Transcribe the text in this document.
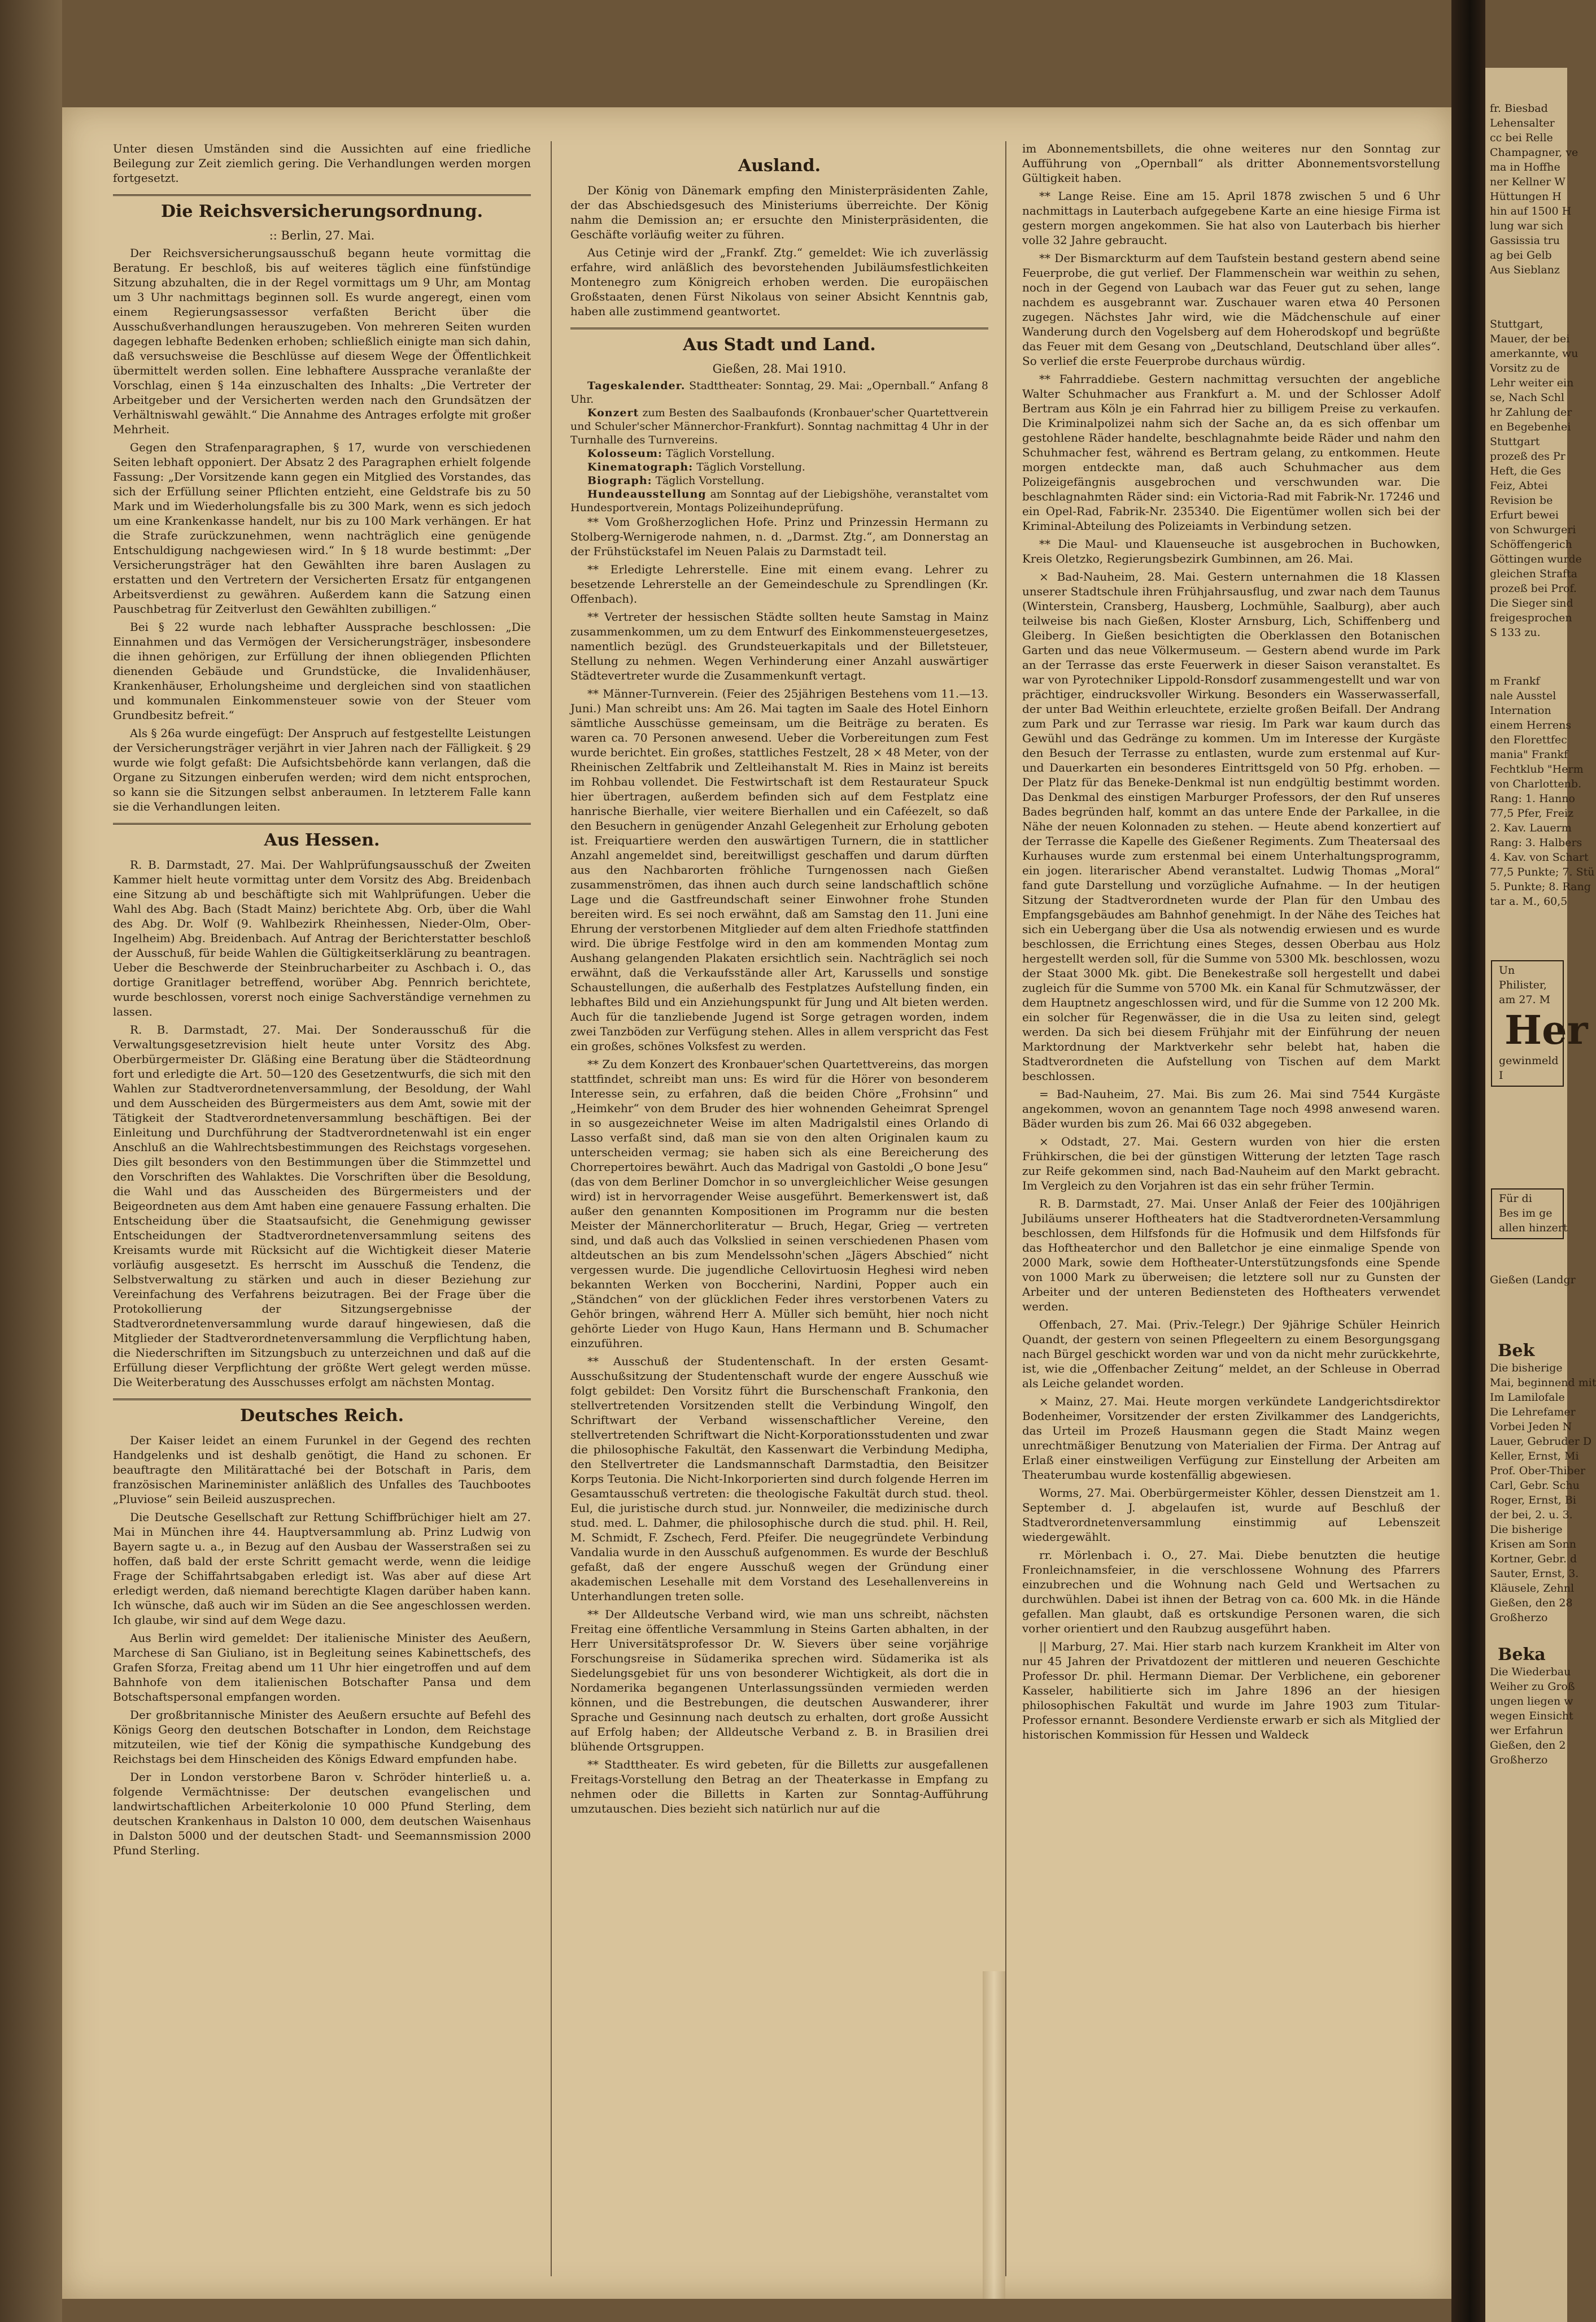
Unter diesen Umständen sind die Aussichten auf eine friedliche Beilegung zur Zeit ziemlich gering. Die Verhandlungen werden morgen fortgesetzt.

Die Reichsversicherungsordnung.
:: Berlin, 27. Mai.

Der Reichsversicherungsausschuß begann heute vormittag die Beratung. Er beschloß, bis auf weiteres täglich eine fünfstündige Sitzung abzuhalten, die in der Regel vormittags um 9 Uhr, am Montag um 3 Uhr nachmittags beginnen soll. Es wurde angeregt, einen vom einem Regierungsassessor verfaßten Bericht über die Ausschußverhandlungen herauszugeben. Von mehreren Seiten wurden dagegen lebhafte Bedenken erhoben; schließlich einigte man sich dahin, daß versuchsweise die Beschlüsse auf diesem Wege der Öffentlichkeit übermittelt werden sollen. Eine lebhaftere Aussprache veranlaßte der Vorschlag, einen § 14a einzuschalten des Inhalts: „Die Vertreter der Arbeitgeber und der Versicherten werden nach den Grundsätzen der Verhältniswahl gewählt.“ Die Annahme des Antrages erfolgte mit großer Mehrheit.

Gegen den Strafenparagraphen, § 17, wurde von verschiedenen Seiten lebhaft opponiert. Der Absatz 2 des Paragraphen erhielt folgende Fassung: „Der Vorsitzende kann gegen ein Mitglied des Vorstandes, das sich der Erfüllung seiner Pflichten entzieht, eine Geldstrafe bis zu 50 Mark und im Wiederholungsfalle bis zu 300 Mark, wenn es sich jedoch um eine Krankenkasse handelt, nur bis zu 100 Mark verhängen. Er hat die Strafe zurückzunehmen, wenn nachträglich eine genügende Entschuldigung nachgewiesen wird.“ In § 18 wurde bestimmt: „Der Versicherungsträger hat den Gewählten ihre baren Auslagen zu erstatten und den Vertretern der Versicherten Ersatz für entgangenen Arbeitsverdienst zu gewähren. Außerdem kann die Satzung einen Pauschbetrag für Zeitverlust den Gewählten zubilligen.“

Bei § 22 wurde nach lebhafter Aussprache beschlossen: „Die Einnahmen und das Vermögen der Versicherungsträger, insbesondere die ihnen gehörigen, zur Erfüllung der ihnen obliegenden Pflichten dienenden Gebäude und Grundstücke, die Invalidenhäuser, Krankenhäuser, Erholungsheime und dergleichen sind von staatlichen und kommunalen Einkommensteuer sowie von der Steuer vom Grundbesitz befreit.“

Als § 26a wurde eingefügt: Der Anspruch auf festgestellte Leistungen der Versicherungsträger verjährt in vier Jahren nach der Fälligkeit. § 29 wurde wie folgt gefaßt: Die Aufsichtsbehörde kann verlangen, daß die Organe zu Sitzungen einberufen werden; wird dem nicht entsprochen, so kann sie die Sitzungen selbst anberaumen. In letzterem Falle kann sie die Verhandlungen leiten.

Aus Hessen.

R. B. Darmstadt, 27. Mai. Der Wahlprüfungsausschuß der Zweiten Kammer hielt heute vormittag unter dem Vorsitz des Abg. Breidenbach eine Sitzung ab und beschäftigte sich mit Wahlprüfungen. Ueber die Wahl des Abg. Bach (Stadt Mainz) berichtete Abg. Orb, über die Wahl des Abg. Dr. Wolf (9. Wahlbezirk Rheinhessen, Nieder-Olm, Ober-Ingelheim) Abg. Breidenbach. Auf Antrag der Berichterstatter beschloß der Ausschuß, für beide Wahlen die Gültigkeitserklärung zu beantragen. Ueber die Beschwerde der Steinbrucharbeiter zu Aschbach i. O., das dortige Granitlager betreffend, worüber Abg. Pennrich berichtete, wurde beschlossen, vorerst noch einige Sachverständige vernehmen zu lassen.

R. B. Darmstadt, 27. Mai. Der Sonderausschuß für die Verwaltungsgesetzrevision hielt heute unter Vorsitz des Abg. Oberbürgermeister Dr. Gläßing eine Beratung über die Städteordnung fort und erledigte die Art. 50—120 des Gesetzentwurfs, die sich mit den Wahlen zur Stadtverordnetenversammlung, der Besoldung, der Wahl und dem Ausscheiden des Bürgermeisters aus dem Amt, sowie mit der Tätigkeit der Stadtverordnetenversammlung beschäftigen. Bei der Einleitung und Durchführung der Stadtverordnetenwahl ist ein enger Anschluß an die Wahlrechtsbestimmungen des Reichstags vorgesehen. Dies gilt besonders von den Bestimmungen über die Stimmzettel und den Vorschriften des Wahlaktes. Die Vorschriften über die Besoldung, die Wahl und das Ausscheiden des Bürgermeisters und der Beigeordneten aus dem Amt haben eine genauere Fassung erhalten. Die Entscheidung über die Staatsaufsicht, die Genehmigung gewisser Entscheidungen der Stadtverordnetenversammlung seitens des Kreisamts wurde mit Rücksicht auf die Wichtigkeit dieser Materie vorläufig ausgesetzt. Es herrscht im Ausschuß die Tendenz, die Selbstverwaltung zu stärken und auch in dieser Beziehung zur Vereinfachung des Verfahrens beizutragen. Bei der Frage über die Protokollierung der Sitzungsergebnisse der Stadtverordnetenversammlung wurde darauf hingewiesen, daß die Mitglieder der Stadtverordnetenversammlung die Verpflichtung haben, die Niederschriften im Sitzungsbuch zu unterzeichnen und daß auf die Erfüllung dieser Verpflichtung der größte Wert gelegt werden müsse. Die Weiterberatung des Ausschusses erfolgt am nächsten Montag.

Deutsches Reich.

Der Kaiser leidet an einem Furunkel in der Gegend des rechten Handgelenks und ist deshalb genötigt, die Hand zu schonen. Er beauftragte den Militärattaché bei der Botschaft in Paris, dem französischen Marineminister anläßlich des Unfalles des Tauchbootes „Pluviose“ sein Beileid auszusprechen.

Die Deutsche Gesellschaft zur Rettung Schiffbrüchiger hielt am 27. Mai in München ihre 44. Hauptversammlung ab. Prinz Ludwig von Bayern sagte u. a., in Bezug auf den Ausbau der Wasserstraßen sei zu hoffen, daß bald der erste Schritt gemacht werde, wenn die leidige Frage der Schiffahrtsabgaben erledigt ist. Was aber auf diese Art erledigt werden, daß niemand berechtigte Klagen darüber haben kann. Ich wünsche, daß auch wir im Süden an die See angeschlossen werden. Ich glaube, wir sind auf dem Wege dazu.

Aus Berlin wird gemeldet: Der italienische Minister des Aeußern, Marchese di San Giuliano, ist in Begleitung seines Kabinettschefs, des Grafen Sforza, Freitag abend um 11 Uhr hier eingetroffen und auf dem Bahnhofe von dem italienischen Botschafter Pansa und dem Botschaftspersonal empfangen worden.

Der großbritannische Minister des Aeußern ersuchte auf Befehl des Königs Georg den deutschen Botschafter in London, dem Reichstage mitzuteilen, wie tief der König die sympathische Kundgebung des Reichstags bei dem Hinscheiden des Königs Edward empfunden habe.

Der in London verstorbene Baron v. Schröder hinterließ u. a. folgende Vermächtnisse: Der deutschen evangelischen und landwirtschaftlichen Arbeiterkolonie 10 000 Pfund Sterling, dem deutschen Krankenhaus in Dalston 10 000, dem deutschen Waisenhaus in Dalston 5000 und der deutschen Stadt- und Seemannsmission 2000 Pfund Sterling.

Ausland.

Der König von Dänemark empfing den Ministerpräsidenten Zahle, der das Abschiedsgesuch des Ministeriums überreichte. Der König nahm die Demission an; er ersuchte den Ministerpräsidenten, die Geschäfte vorläufig weiter zu führen.

Aus Cetinje wird der „Frankf. Ztg.“ gemeldet: Wie ich zuverlässig erfahre, wird anläßlich des bevorstehenden Jubiläumsfestlichkeiten Montenegro zum Königreich erhoben werden. Die europäischen Großstaaten, denen Fürst Nikolaus von seiner Absicht Kenntnis gab, haben alle zustimmend geantwortet.

Aus Stadt und Land.
Gießen, 28. Mai 1910.

Tageskalender. Stadttheater: Sonntag, 29. Mai: „Opernball.“ Anfang 8 Uhr.

Konzert zum Besten des Saalbaufonds (Kronbauer'scher Quartettverein und Schuler'scher Männerchor-Frankfurt). Sonntag nachmittag 4 Uhr in der Turnhalle des Turnvereins.

Kolosseum: Täglich Vorstellung.

Kinematograph: Täglich Vorstellung.

Biograph: Täglich Vorstellung.

Hundeausstellung am Sonntag auf der Liebigshöhe, veranstaltet vom Hundesportverein, Montags Polizeihundeprüfung.

** Vom Großherzoglichen Hofe. Prinz und Prinzessin Hermann zu Stolberg-Wernigerode nahmen, n. d. „Darmst. Ztg.“, am Donnerstag an der Frühstückstafel im Neuen Palais zu Darmstadt teil.

** Erledigte Lehrerstelle. Eine mit einem evang. Lehrer zu besetzende Lehrerstelle an der Gemeindeschule zu Sprendlingen (Kr. Offenbach).

** Vertreter der hessischen Städte sollten heute Samstag in Mainz zusammenkommen, um zu dem Entwurf des Einkommensteuergesetzes, namentlich bezügl. des Grundsteuerkapitals und der Billetsteuer, Stellung zu nehmen. Wegen Verhinderung einer Anzahl auswärtiger Städtevertreter wurde die Zusammenkunft vertagt.

** Männer-Turnverein. (Feier des 25jährigen Bestehens vom 11.—13. Juni.) Man schreibt uns: Am 26. Mai tagten im Saale des Hotel Einhorn sämtliche Ausschüsse gemeinsam, um die Beiträge zu beraten. Es waren ca. 70 Personen anwesend. Ueber die Vorbereitungen zum Fest wurde berichtet. Ein großes, stattliches Festzelt, 28 × 48 Meter, von der Rheinischen Zeltfabrik und Zeltleihanstalt M. Ries in Mainz ist bereits im Rohbau vollendet. Die Festwirtschaft ist dem Restaurateur Spuck hier übertragen, außerdem befinden sich auf dem Festplatz eine hanrische Bierhalle, vier weitere Bierhallen und ein Caféezelt, so daß den Besuchern in genügender Anzahl Gelegenheit zur Erholung geboten ist. Freiquartiere werden den auswärtigen Turnern, die in stattlicher Anzahl angemeldet sind, bereitwilligst geschaffen und darum dürften aus den Nachbarorten fröhliche Turngenossen nach Gießen zusammenströmen, das ihnen auch durch seine landschaftlich schöne Lage und die Gastfreundschaft seiner Einwohner frohe Stunden bereiten wird. Es sei noch erwähnt, daß am Samstag den 11. Juni eine Ehrung der verstorbenen Mitglieder auf dem alten Friedhofe stattfinden wird. Die übrige Festfolge wird in den am kommenden Montag zum Aushang gelangenden Plakaten ersichtlich sein. Nachträglich sei noch erwähnt, daß die Verkaufsstände aller Art, Karussells und sonstige Schaustellungen, die außerhalb des Festplatzes Aufstellung finden, ein lebhaftes Bild und ein Anziehungspunkt für Jung und Alt bieten werden. Auch für die tanzliebende Jugend ist Sorge getragen worden, indem zwei Tanzböden zur Verfügung stehen. Alles in allem verspricht das Fest ein großes, schönes Volksfest zu werden.

** Zu dem Konzert des Kronbauer'schen Quartettvereins, das morgen stattfindet, schreibt man uns: Es wird für die Hörer von besonderem Interesse sein, zu erfahren, daß die beiden Chöre „Frohsinn“ und „Heimkehr“ von dem Bruder des hier wohnenden Geheimrat Sprengel in so ausgezeichneter Weise im alten Madrigalstil eines Orlando di Lasso verfaßt sind, daß man sie von den alten Originalen kaum zu unterscheiden vermag; sie haben sich als eine Bereicherung des Chorrepertoires bewährt. Auch das Madrigal von Gastoldi „O bone Jesu“ (das von dem Berliner Domchor in so unvergleichlicher Weise gesungen wird) ist in hervorragender Weise ausgeführt. Bemerkenswert ist, daß außer den genannten Kompositionen im Programm nur die besten Meister der Männerchorliteratur — Bruch, Hegar, Grieg — vertreten sind, und daß auch das Volkslied in seinen verschiedenen Phasen vom altdeutschen an bis zum Mendelssohn'schen „Jägers Abschied“ nicht vergessen wurde. Die jugendliche Cellovirtuosin Heghesi wird neben bekannten Werken von Boccherini, Nardini, Popper auch ein „Ständchen“ von der glücklichen Feder ihres verstorbenen Vaters zu Gehör bringen, während Herr A. Müller sich bemüht, hier noch nicht gehörte Lieder von Hugo Kaun, Hans Hermann und B. Schumacher einzuführen.

** Ausschuß der Studentenschaft. In der ersten Gesamt-Ausschußsitzung der Studentenschaft wurde der engere Ausschuß wie folgt gebildet: Den Vorsitz führt die Burschenschaft Frankonia, den stellvertretenden Vorsitzenden stellt die Verbindung Wingolf, den Schriftwart der Verband wissenschaftlicher Vereine, den stellvertretenden Schriftwart die Nicht-Korporationsstudenten und zwar die philosophische Fakultät, den Kassenwart die Verbindung Medipha, den Stellvertreter die Landsmannschaft Darmstadtia, den Beisitzer Korps Teutonia. Die Nicht-Inkorporierten sind durch folgende Herren im Gesamtausschuß vertreten: die theologische Fakultät durch stud. theol. Eul, die juristische durch stud. jur. Nonnweiler, die medizinische durch stud. med. L. Dahmer, die philosophische durch die stud. phil. H. Reil, M. Schmidt, F. Zschech, Ferd. Pfeifer. Die neugegründete Verbindung Vandalia wurde in den Ausschuß aufgenommen. Es wurde der Beschluß gefaßt, daß der engere Ausschuß wegen der Gründung einer akademischen Lesehalle mit dem Vorstand des Lesehallenvereins in Unterhandlungen treten solle.

** Der Alldeutsche Verband wird, wie man uns schreibt, nächsten Freitag eine öffentliche Versammlung in Steins Garten abhalten, in der Herr Universitätsprofessor Dr. W. Sievers über seine vorjährige Forschungsreise in Südamerika sprechen wird. Südamerika ist als Siedelungsgebiet für uns von besonderer Wichtigkeit, als dort die in Nordamerika begangenen Unterlassungssünden vermieden werden können, und die Bestrebungen, die deutschen Auswanderer, ihrer Sprache und Gesinnung nach deutsch zu erhalten, dort große Aussicht auf Erfolg haben; der Alldeutsche Verband z. B. in Brasilien drei blühende Ortsgruppen.

** Stadttheater. Es wird gebeten, für die Billetts zur ausgefallenen Freitags-Vorstellung den Betrag an der Theaterkasse in Empfang zu nehmen oder die Billetts in Karten zur Sonntag-Aufführung umzutauschen. Dies bezieht sich natürlich nur auf die

im Abonnementsbillets, die ohne weiteres nur den Sonntag zur Aufführung von „Opernball“ als dritter Abonnementsvorstellung Gültigkeit haben.

** Lange Reise. Eine am 15. April 1878 zwischen 5 und 6 Uhr nachmittags in Lauterbach aufgegebene Karte an eine hiesige Firma ist gestern morgen angekommen. Sie hat also von Lauterbach bis hierher volle 32 Jahre gebraucht.

** Der Bismarckturm auf dem Taufstein bestand gestern abend seine Feuerprobe, die gut verlief. Der Flammenschein war weithin zu sehen, noch in der Gegend von Laubach war das Feuer gut zu sehen, lange nachdem es ausgebrannt war. Zuschauer waren etwa 40 Personen zugegen. Nächstes Jahr wird, wie die Mädchenschule auf einer Wanderung durch den Vogelsberg auf dem Hoherodskopf und begrüßte das Feuer mit dem Gesang von „Deutschland, Deutschland über alles“. So verlief die erste Feuerprobe durchaus würdig.

** Fahrraddiebe. Gestern nachmittag versuchten der angebliche Walter Schuhmacher aus Frankfurt a. M. und der Schlosser Adolf Bertram aus Köln je ein Fahrrad hier zu billigem Preise zu verkaufen. Die Kriminalpolizei nahm sich der Sache an, da es sich offenbar um gestohlene Räder handelte, beschlagnahmte beide Räder und nahm den Schuhmacher fest, während es Bertram gelang, zu entkommen. Heute morgen entdeckte man, daß auch Schuhmacher aus dem Polizeigefängnis ausgebrochen und verschwunden war. Die beschlagnahmten Räder sind: ein Victoria-Rad mit Fabrik-Nr. 17246 und ein Opel-Rad, Fabrik-Nr. 235340. Die Eigentümer wollen sich bei der Kriminal-Abteilung des Polizeiamts in Verbindung setzen.

** Die Maul- und Klauenseuche ist ausgebrochen in Buchowken, Kreis Oletzko, Regierungsbezirk Gumbinnen, am 26. Mai.

× Bad-Nauheim, 28. Mai. Gestern unternahmen die 18 Klassen unserer Stadtschule ihren Frühjahrsausflug, und zwar nach dem Taunus (Winterstein, Cransberg, Hausberg, Lochmühle, Saalburg), aber auch teilweise bis nach Gießen, Kloster Arnsburg, Lich, Schiffenberg und Gleiberg. In Gießen besichtigten die Oberklassen den Botanischen Garten und das neue Völkermuseum. — Gestern abend wurde im Park an der Terrasse das erste Feuerwerk in dieser Saison veranstaltet. Es war von Pyrotechniker Lippold-Ronsdorf zusammengestellt und war von prächtiger, eindrucksvoller Wirkung. Besonders ein Wasserwasserfall, der unter Bad Weithin erleuchtete, erzielte großen Beifall. Der Andrang zum Park und zur Terrasse war riesig. Im Park war kaum durch das Gewühl und das Gedränge zu kommen. Um im Interesse der Kurgäste den Besuch der Terrasse zu entlasten, wurde zum erstenmal auf Kur- und Dauerkarten ein besonderes Eintrittsgeld von 50 Pfg. erhoben. — Der Platz für das Beneke-Denkmal ist nun endgültig bestimmt worden. Das Denkmal des einstigen Marburger Professors, der den Ruf unseres Bades begründen half, kommt an das untere Ende der Parkallee, in die Nähe der neuen Kolonnaden zu stehen. — Heute abend konzertiert auf der Terrasse die Kapelle des Gießener Regiments. Zum Theatersaal des Kurhauses wurde zum erstenmal bei einem Unterhaltungsprogramm, ein jogen. literarischer Abend veranstaltet. Ludwig Thomas „Moral“ fand gute Darstellung und vorzügliche Aufnahme. — In der heutigen Sitzung der Stadtverordneten wurde der Plan für den Umbau des Empfangsgebäudes am Bahnhof genehmigt. In der Nähe des Teiches hat sich ein Uebergang über die Usa als notwendig erwiesen und es wurde beschlossen, die Errichtung eines Steges, dessen Oberbau aus Holz hergestellt werden soll, für die Summe von 5300 Mk. beschlossen, wozu der Staat 3000 Mk. gibt. Die Benekestraße soll hergestellt und dabei zugleich für die Summe von 5700 Mk. ein Kanal für Schmutzwässer, der dem Hauptnetz angeschlossen wird, und für die Summe von 12 200 Mk. ein solcher für Regenwässer, die in die Usa zu leiten sind, gelegt werden. Da sich bei diesem Frühjahr mit der Einführung der neuen Marktordnung der Marktverkehr sehr belebt hat, haben die Stadtverordneten die Aufstellung von Tischen auf dem Markt beschlossen.

= Bad-Nauheim, 27. Mai. Bis zum 26. Mai sind 7544 Kurgäste angekommen, wovon an genanntem Tage noch 4998 anwesend waren. Bäder wurden bis zum 26. Mai 66 032 abgegeben.

× Odstadt, 27. Mai. Gestern wurden von hier die ersten Frühkirschen, die bei der günstigen Witterung der letzten Tage rasch zur Reife gekommen sind, nach Bad-Nauheim auf den Markt gebracht. Im Vergleich zu den Vorjahren ist das ein sehr früher Termin.

R. B. Darmstadt, 27. Mai. Unser Anlaß der Feier des 100jährigen Jubiläums unserer Hoftheaters hat die Stadtverordneten-Versammlung beschlossen, dem Hilfsfonds für die Hofmusik und dem Hilfsfonds für das Hoftheaterchor und den Balletchor je eine einmalige Spende von 2000 Mark, sowie dem Hoftheater-Unterstützungsfonds eine Spende von 1000 Mark zu überweisen; die letztere soll nur zu Gunsten der Arbeiter und der unteren Bediensteten des Hoftheaters verwendet werden.

Offenbach, 27. Mai. (Priv.-Telegr.) Der 9jährige Schüler Heinrich Quandt, der gestern von seinen Pflegeeltern zu einem Besorgungsgang nach Bürgel geschickt worden war und von da nicht mehr zurückkehrte, ist, wie die „Offenbacher Zeitung“ meldet, an der Schleuse in Oberrad als Leiche gelandet worden.

× Mainz, 27. Mai. Heute morgen verkündete Landgerichtsdirektor Bodenheimer, Vorsitzender der ersten Zivilkammer des Landgerichts, das Urteil im Prozeß Hausmann gegen die Stadt Mainz wegen unrechtmäßiger Benutzung von Materialien der Firma. Der Antrag auf Erlaß einer einstweiligen Verfügung zur Einstellung der Arbeiten am Theaterumbau wurde kostenfällig abgewiesen.

Worms, 27. Mai. Oberbürgermeister Köhler, dessen Dienstzeit am 1. September d. J. abgelaufen ist, wurde auf Beschluß der Stadtverordnetenversammlung einstimmig auf Lebenszeit wiedergewählt.

rr. Mörlenbach i. O., 27. Mai. Diebe benutzten die heutige Fronleichnamsfeier, in die verschlossene Wohnung des Pfarrers einzubrechen und die Wohnung nach Geld und Wertsachen zu durchwühlen. Dabei ist ihnen der Betrag von ca. 600 Mk. in die Hände gefallen. Man glaubt, daß es ortskundige Personen waren, die sich vorher orientiert und den Raubzug ausgeführt haben.

|| Marburg, 27. Mai. Hier starb nach kurzem Krankheit im Alter von nur 45 Jahren der Privatdozent der mittleren und neueren Geschichte Professor Dr. phil. Hermann Diemar. Der Verblichene, ein geborener Kasseler, habilitierte sich im Jahre 1896 an der hiesigen philosophischen Fakultät und wurde im Jahre 1903 zum Titular-Professor ernannt. Besondere Verdienste erwarb er sich als Mitglied der historischen Kommission für Hessen und Waldeck

fr. Biesbad

Lehensalter

cc bei Relle

Champagner, ve

ma in Hoffhe

ner Kellner W

Hüttungen H

hin auf 1500 H

lung war sich

Gassissia tru

ag bei Gelb

Aus Sieblanz

Stuttgart,

Mauer, der bei

amerkannte, wu

Vorsitz zu de

Lehr weiter ein

se, Nach Schl

hr Zahlung der

en Begebenhei

Stuttgart

prozeß des Pr

Heft, die Ges

Feiz, Abtei

Revision be

Erfurt bewei

von Schwurgeri

Schöffengerich

Göttingen wurde

gleichen Strafta

prozeß bei Prof.

Die Sieger sind

freigesprochen

S 133 zu.

m Frankf

nale Ausstel

Internation

einem Herrens

den Florettfec

mania" Frankf

Fechtklub "Herm

von Charlottenb.

Rang: 1. Hanno

77,5 Pfer, Freiz

2. Kav. Lauerm

Rang: 3. Halbers

4. Kav. von Schart

77,5 Punkte; 7. Stü

5. Punkte; 8. Rang

tar a. M., 60,5

Un

Philister,

am 27. M

Her

gewinmeld

I

Für di

Bes im ge

allen hinzert

Gießen (Landgr

Bek

Die bisherige

Mai, beginnend mit

Im Lamilofale

Die Lehrefamer

Vorbei Jeden N

Lauer, Gebruder D

Keller, Ernst, Mi

Prof. Ober-Thiber

Carl, Gebr. Schu

Roger, Ernst, Bi

der bei, 2. u. 3.

Die bisherige

Krisen am Sonn

Kortner, Gebr. d

Sauter, Ernst, 3.

Kläusele, Zehnl

Gießen, den 28

Großherzo

Beka

Die Wiederbau

Weiher zu Groß

ungen liegen w

wegen Einsicht

wer Erfahrun

Gießen, den 2

Großherzo
